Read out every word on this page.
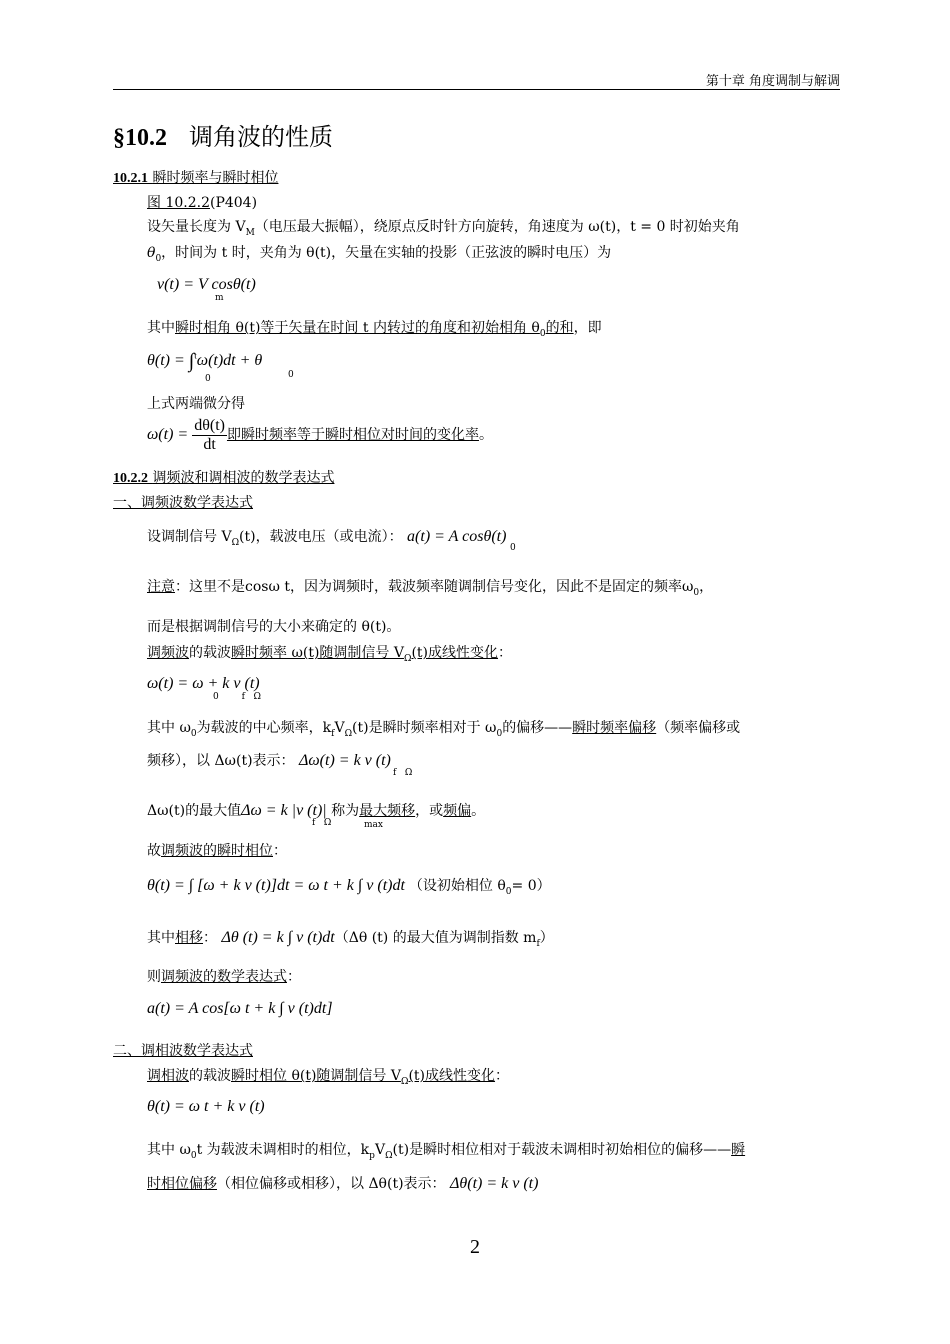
第十章 角度调制与解调
§10.2 调角波的性质
10.2.1 瞬时频率与瞬时相位
图 10.2.2(P404)
设矢量长度为 $V_M$（电压最大振幅），绕原点反时针方向旋转，角速度为 ω(t)，t = 0 时初始夹角
$\theta_0$，时间为 t 时，夹角为 θ(t)，矢量在实轴的投影（正弦波的瞬时电压）为
v(t) = V cosθ(t)
m
其中瞬时相角 θ(t)等于矢量在时间 t 内转过的角度和初始相角 $\theta_0$的和，即
θ(t) = ∫$^t$ω(t)dt + θ
0	0
上式两端微分得
$\omega(t) = \frac{d\theta(t)}{dt}$ 即瞬时频率等于瞬时相位对时间的变化率。
10.2.2 调频波和调相波的数学表达式
一、调频波数学表达式
设调制信号 $V_\Omega(t)$，载波电压（或电流）： a(t) = A cosθ(t)
0
注意：这里不是cosω t，因为调频时，载波频率随调制信号变化，因此不是固定的频率$\omega_0$，
而是根据调制信号的大小来确定的 θ(t)。
调频波的载波瞬时频率 ω(t)随调制信号 $V_\Omega(t)$成线性变化：
ω(t) = ω + k v (t)
0        f   Ω
其中 $\omega_0$为载波的中心频率，$k_fV_\Omega(t)$是瞬时频率相对于 $\omega_0$的偏移——瞬时频率偏移（频率偏移或
频移），以 Δω(t)表示： Δω(t) = k v (t)
f   Ω
Δω(t)的最大值Δω = k |v (t)| 称为最大频移，或频偏。
f   Ω	max
故调频波的瞬时相位：
θ(t) = ∫ [ω + k v (t)]dt = ω t + k ∫ v (t)dt （设初始相位 $\theta_0= 0$）
其中相移： Δθ (t) = k ∫ v (t)dt（Δθ (t) 的最大值为调制指数 $m_f$）
则调频波的数学表达式：
a(t) = A cos[ω t + k ∫ v (t)dt]
二、调相波数学表达式
调相波的载波瞬时相位 θ(t)随调制信号 $V_\Omega(t)$成线性变化：
θ(t) = ω t + k v (t)
其中 $\omega_0t$ 为载波未调相时的相位，$k_pV_\Omega(t)$是瞬时相位相对于载波未调相时初始相位的偏移——瞬
时相位偏移（相位偏移或相移），以 Δθ(t)表示： Δθ(t) = k v (t)
2
